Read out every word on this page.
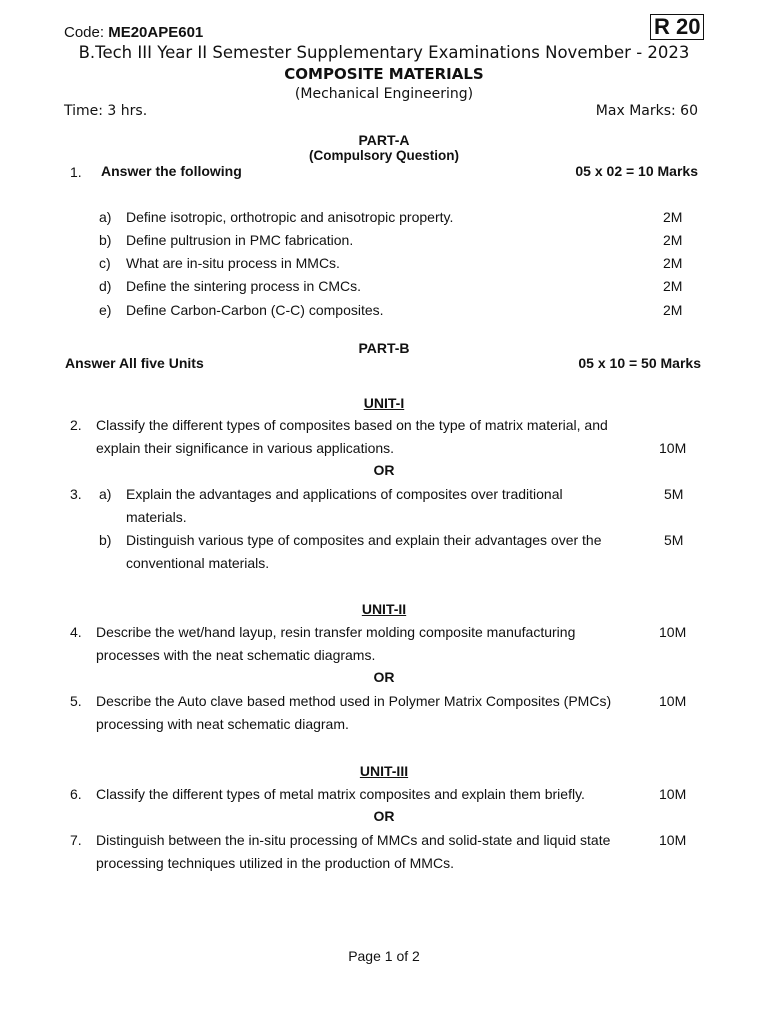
Code: ME20APE601	R 20
B.Tech III Year II Semester Supplementary Examinations November - 2023
COMPOSITE MATERIALS
(Mechanical Engineering)
Time: 3 hrs.	Max Marks: 60
PART-A
(Compulsory Question)
1. Answer the following	05 x 02 = 10 Marks
a) Define isotropic, orthotropic and anisotropic property.	2M
b) Define pultrusion in PMC fabrication.	2M
c) What are in-situ process in MMCs.	2M
d) Define the sintering process in CMCs.	2M
e) Define Carbon-Carbon (C-C) composites.	2M
PART-B
Answer All five Units	05 x 10 = 50 Marks
UNIT-I
2. Classify the different types of composites based on the type of matrix material, and
explain their significance in various applications.	10M
OR
3. a) Explain the advantages and applications of composites over traditional
materials.
5M
b) Distinguish various type of composites and explain their advantages over the
conventional materials.
5M
UNIT-II
4. Describe the wet/hand layup, resin transfer molding composite manufacturing
processes with the neat schematic diagrams.
10M
OR
5. Describe the Auto clave based method used in Polymer Matrix Composites (PMCs)
processing with neat schematic diagram.
10M
UNIT-III
6. Classify the different types of metal matrix composites and explain them briefly.	10M
OR
7. Distinguish between the in-situ processing of MMCs and solid-state and liquid state
processing techniques utilized in the production of MMCs.
10M
Page 1 of 2
